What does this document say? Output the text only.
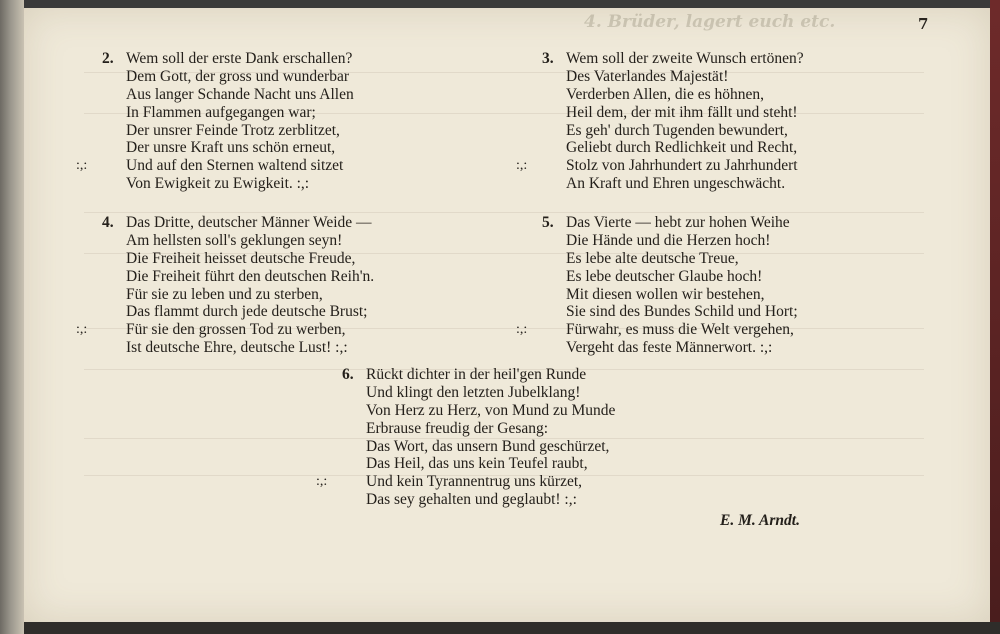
4. Brüder, lagert euch etc.	7
2. Wem soll der erste Dank erschallen?
Dem Gott, der gross und wunderbar
Aus langer Schande Nacht uns Allen
In Flammen aufgegangen war;
Der unsrer Feinde Trotz zerblitzet,
Der unsre Kraft uns schön erneut,
:,: Und auf den Sternen waltend sitzet
Von Ewigkeit zu Ewigkeit. :,:
4. Das Dritte, deutscher Männer Weide —
Am hellsten soll's geklungen seyn!
Die Freiheit heisset deutsche Freude,
Die Freiheit führt den deutschen Reih'n.
Für sie zu leben und zu sterben,
Das flammt durch jede deutsche Brust;
:,: Für sie den grossen Tod zu werben,
Ist deutsche Ehre, deutsche Lust! :,:
3. Wem soll der zweite Wunsch ertönen?
Des Vaterlandes Majestät!
Verderben Allen, die es höhnen,
Heil dem, der mit ihm fällt und steht!
Es geh' durch Tugenden bewundert,
Geliebt durch Redlichkeit und Recht,
:,: Stolz von Jahrhundert zu Jahrhundert
An Kraft und Ehren ungeschwächt.
5. Das Vierte — hebt zur hohen Weihe
Die Hände und die Herzen hoch!
Es lebe alte deutsche Treue,
Es lebe deutscher Glaube hoch!
Mit diesen wollen wir bestehen,
Sie sind des Bundes Schild und Hort;
:,: Fürwahr, es muss die Welt vergehen,
Vergeht das feste Männerwort. :,:
6. Rückt dichter in der heil'gen Runde
Und klingt den letzten Jubelklang!
Von Herz zu Herz, von Mund zu Munde
Erbrause freudig der Gesang:
Das Wort, das unsern Bund geschürzet,
Das Heil, das uns kein Teufel raubt,
:,: Und kein Tyrannentrug uns kürzet,
Das sey gehalten und geglaubt! :,:
E. M. Arndt.
